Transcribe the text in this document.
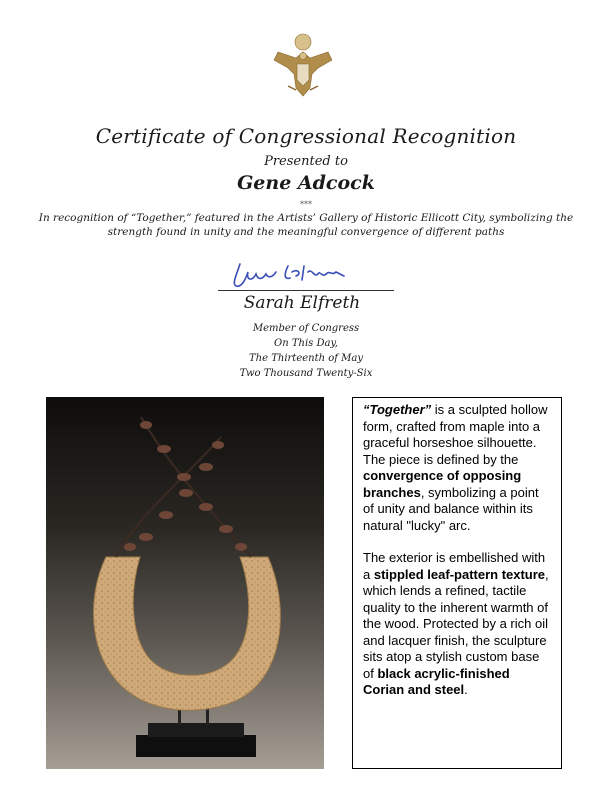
Certificate of Congressional Recognition

Presented to

Gene Adcock

***

In recognition of “Together,” featured in the Artists’ Gallery of Historic Ellicott City, symbolizing the strength found in unity and the meaningful convergence of different paths

Sarah Elfreth

Member of Congress

On This Day,

The Thirteenth of May

Two Thousand Twenty-Six

“Together” is a sculpted hollow form, crafted from maple into a graceful horseshoe silhouette. The piece is defined by the convergence of opposing branches, symbolizing a point of unity and balance within its natural "lucky" arc.

The exterior is embellished with a stippled leaf-pattern texture, which lends a refined, tactile quality to the inherent warmth of the wood. Protected by a rich oil and lacquer finish, the sculpture sits atop a stylish custom base of black acrylic-finished Corian and steel.
